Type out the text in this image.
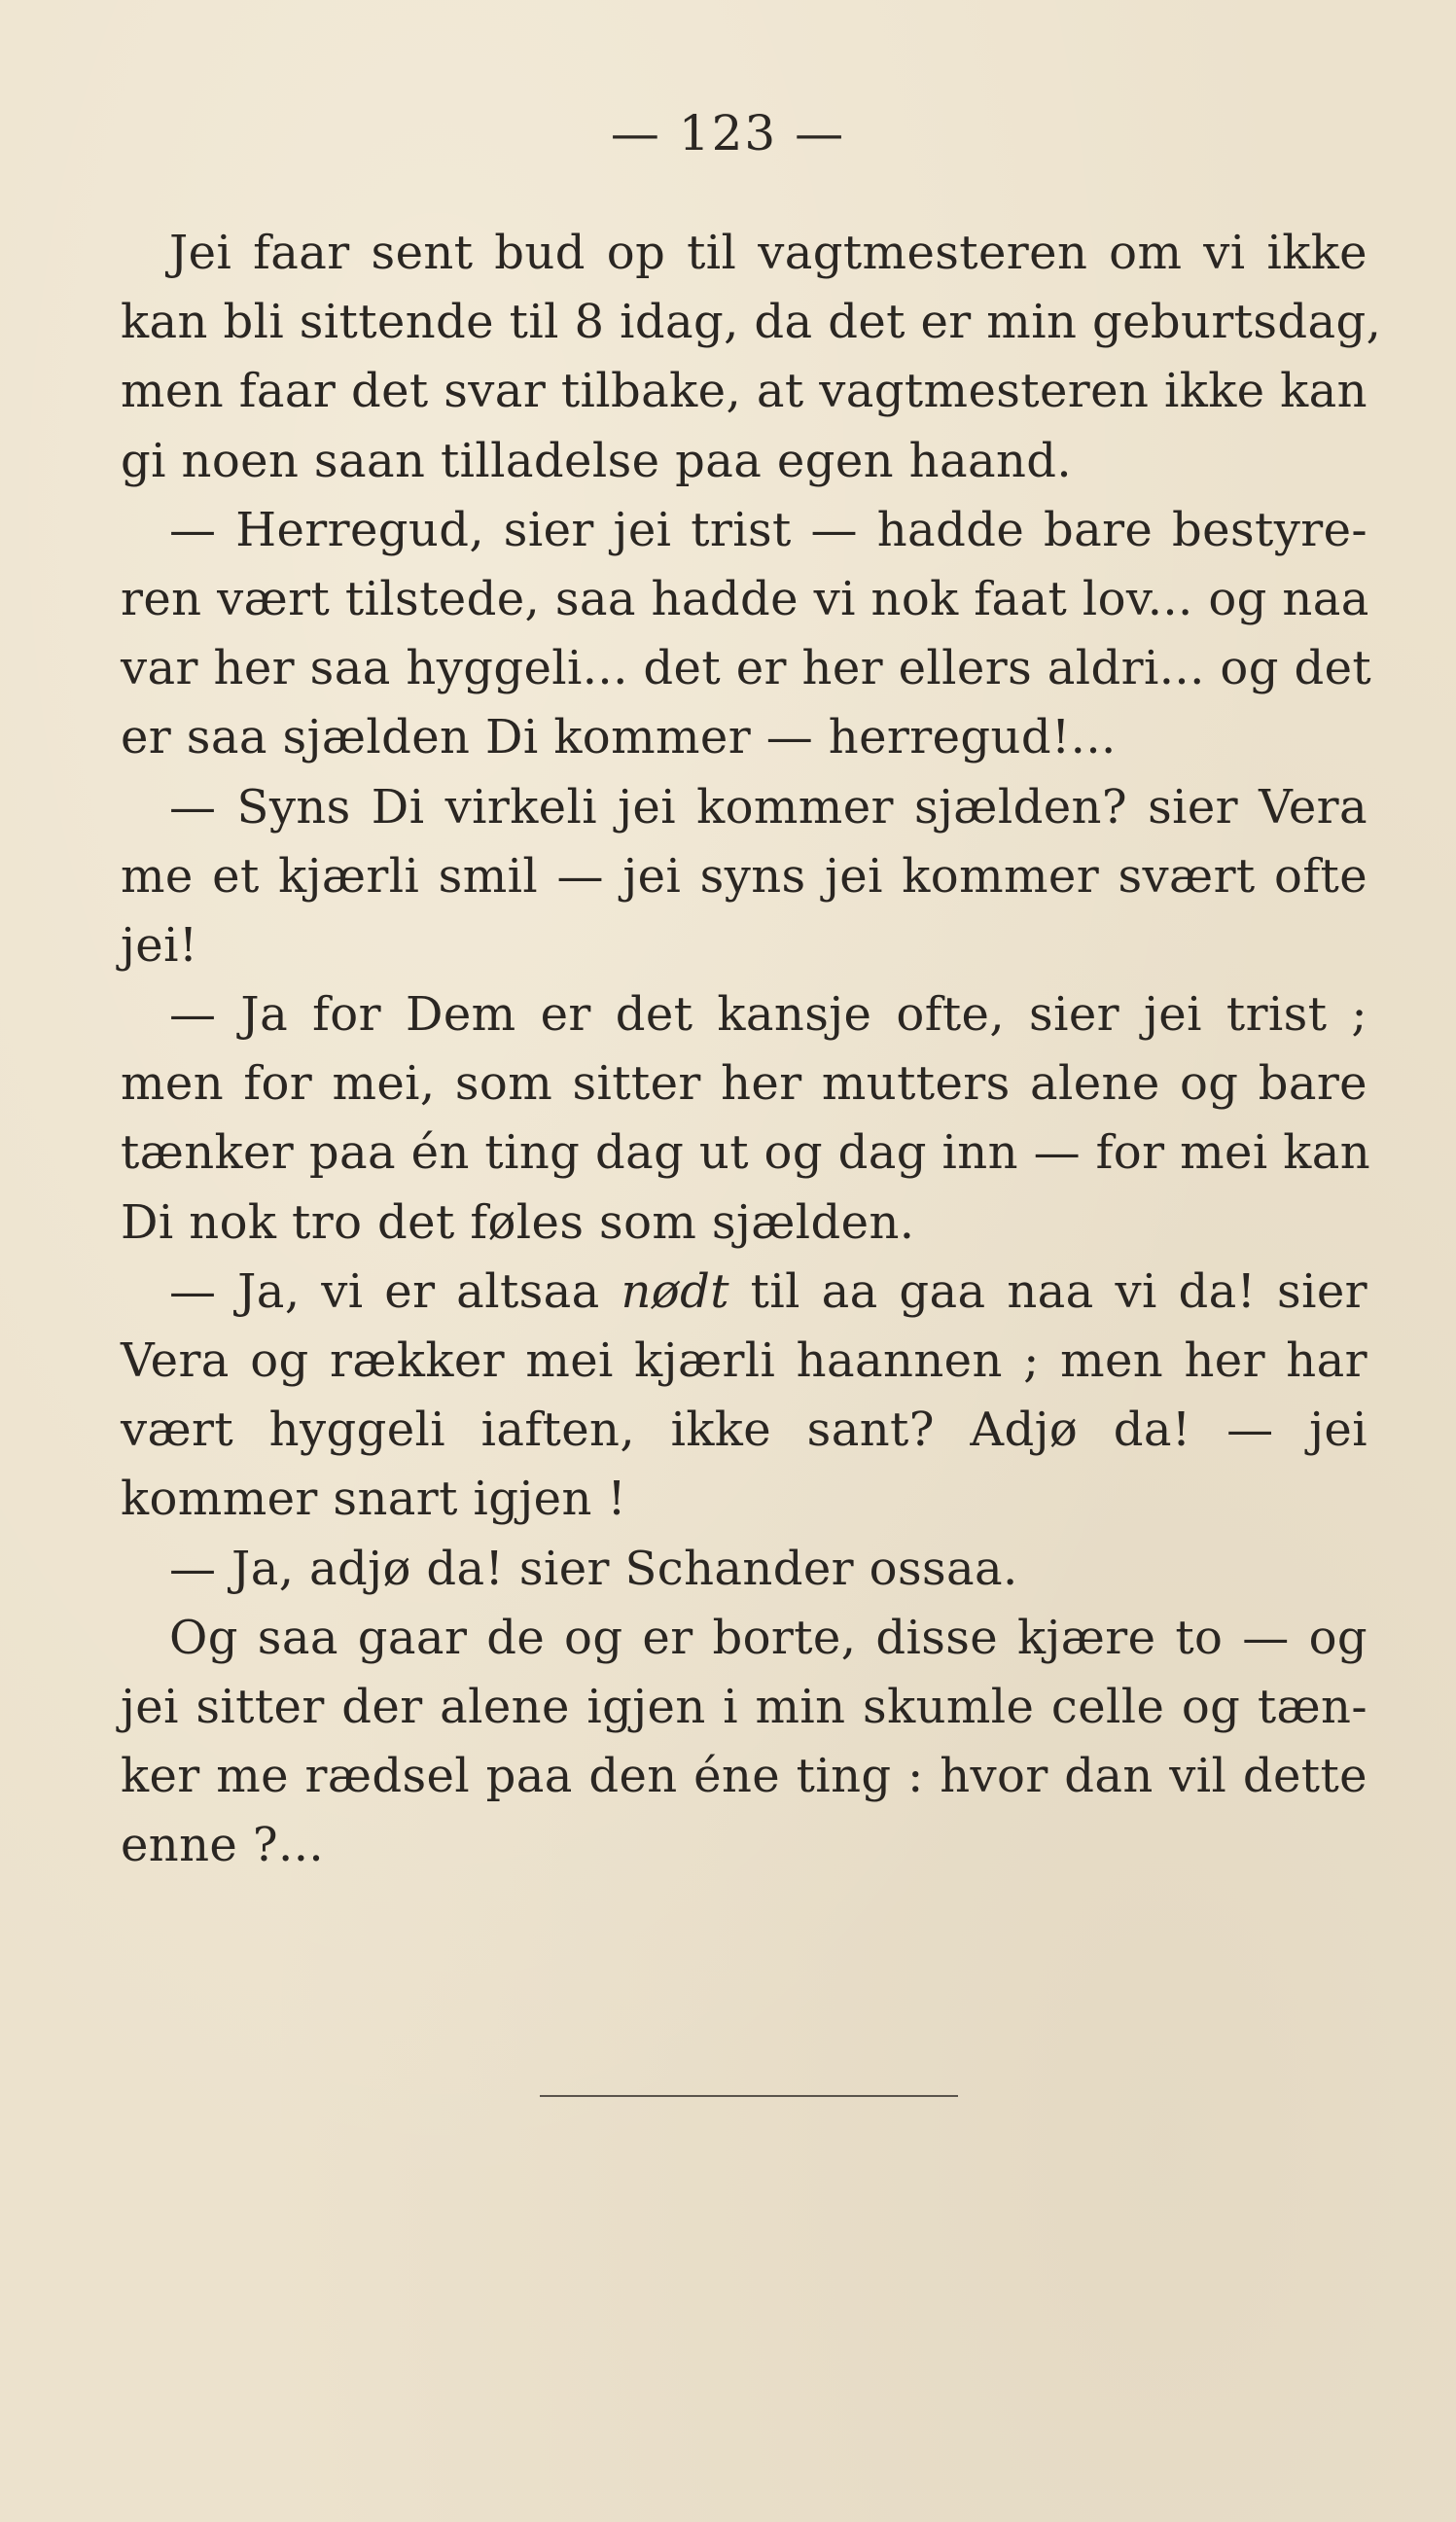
— 123 —
Jei faar sent bud op til vagtmesteren om vi ikke
kan bli sittende til 8 idag, da det er min geburtsdag,
men faar det svar tilbake, at vagtmesteren ikke kan
gi noen saan tilladelse paa egen haand.
— Herregud, sier jei trist — hadde bare bestyre-
ren vært tilstede, saa hadde vi nok faat lov... og naa
var her saa hyggeli... det er her ellers aldri... og det
er saa sjælden Di kommer — herregud!...
— Syns Di virkeli jei kommer sjælden? sier Vera
me et kjærli smil — jei syns jei kommer svært ofte
jei!
— Ja for Dem er det kansje ofte, sier jei trist ;
men for mei, som sitter her mutters alene og bare
tænker paa én ting dag ut og dag inn — for mei kan
Di nok tro det føles som sjælden.
— Ja, vi er altsaa nødt til aa gaa naa vi da! sier
Vera og rækker mei kjærli haannen ; men her har
vært hyggeli iaften, ikke sant? Adjø da! — jei
kommer snart igjen !
— Ja, adjø da! sier Schander ossaa.
Og saa gaar de og er borte, disse kjære to — og
jei sitter der alene igjen i min skumle celle og tæn-
ker me rædsel paa den éne ting : hvor dan vil dette
enne ?...
